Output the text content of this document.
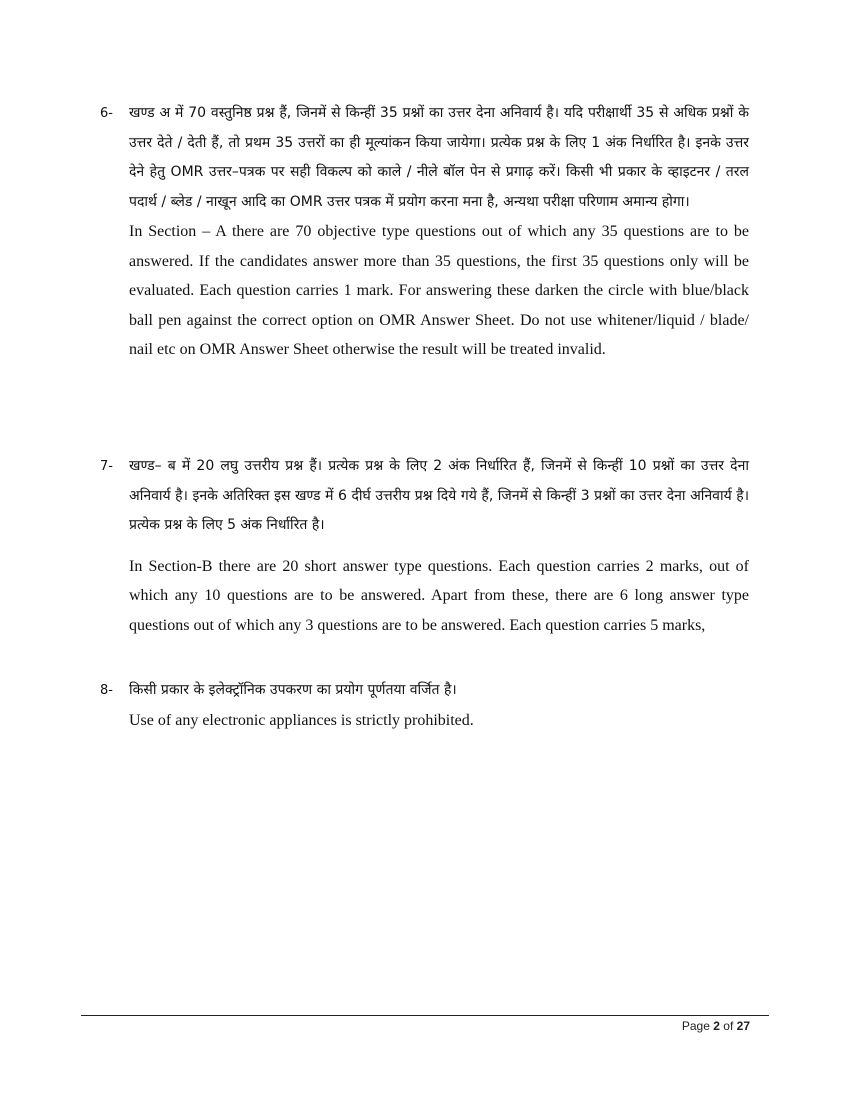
6-	खण्ड अ में 70 वस्तुनिष्ठ प्रश्न हैं, जिनमें से किन्हीं 35 प्रश्नों का उत्तर देना अनिवार्य है। यदि परीक्षार्थी 35 से अधिक प्रश्नों के उत्तर देते / देती हैं, तो प्रथम 35 उत्तरों का ही मूल्यांकन किया जायेगा। प्रत्येक प्रश्न के लिए 1 अंक निर्धारित है। इनके उत्तर देने हेतु OMR उत्तर–पत्रक पर सही विकल्प को काले / नीले बॉल पेन से प्रगाढ़ करें। किसी भी प्रकार के व्हाइटनर / तरल पदार्थ / ब्लेड / नाखून आदि का OMR उत्तर पत्रक में प्रयोग करना मना है, अन्यथा परीक्षा परिणाम अमान्य होगा।

In Section – A there are 70 objective type questions out of which any 35 questions are to be answered. If the candidates answer more than 35 questions, the first 35 questions only will be evaluated. Each question carries 1 mark. For answering these darken the circle with blue/black ball pen against the correct option on OMR Answer Sheet. Do not use whitener/liquid / blade/ nail etc on OMR Answer Sheet otherwise the result will be treated invalid.

7-	खण्ड– ब में 20 लघु उत्तरीय प्रश्न हैं। प्रत्येक प्रश्न के लिए 2 अंक निर्धारित हैं, जिनमें से किन्हीं 10 प्रश्नों का उत्तर देना अनिवार्य है। इनके अतिरिक्त इस खण्ड में 6 दीर्घ उत्तरीय प्रश्न दिये गये हैं, जिनमें से किन्हीं 3 प्रश्नों का उत्तर देना अनिवार्य है। प्रत्येक प्रश्न के लिए 5 अंक निर्धारित है।

In Section-B there are 20 short answer type questions. Each question carries 2 marks, out of which any 10 questions are to be answered. Apart from these, there are 6 long answer type questions out of which any 3 questions are to be answered. Each question carries 5 marks,

8-	किसी प्रकार के इलेक्ट्रॉनिक उपकरण का प्रयोग पूर्णतया वर्जित है।

Use of any electronic appliances is strictly prohibited.

Page 2 of 27
